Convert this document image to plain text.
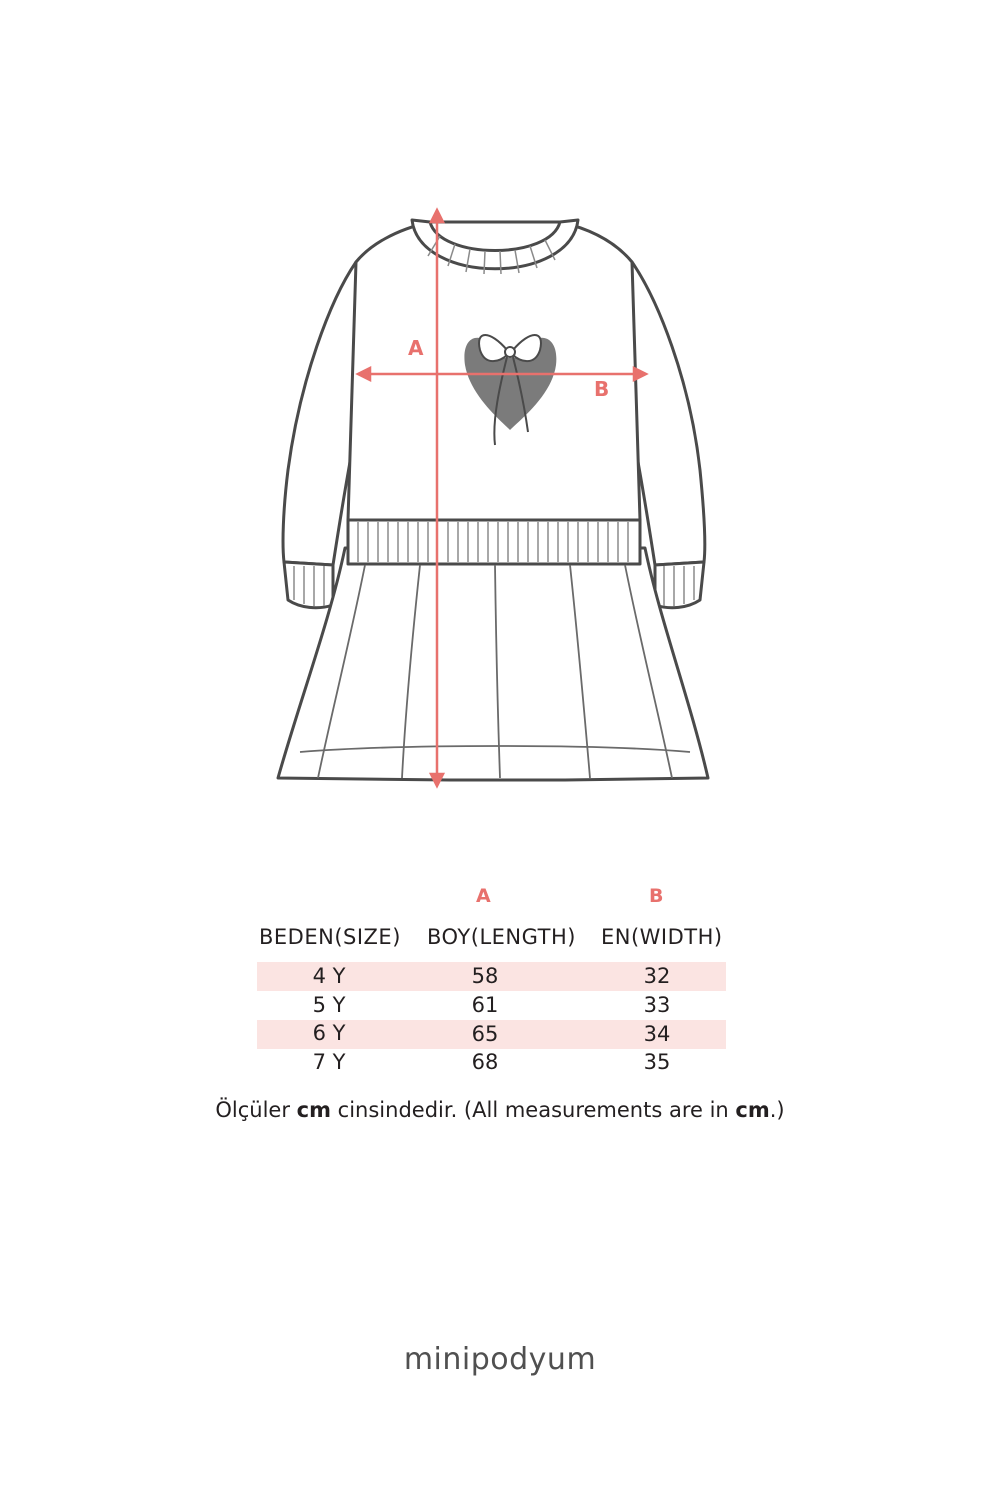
A
B
A	B
BEDEN(SIZE) BOY(LENGTH) EN(WIDTH)
4 Y	58	32
5 Y	61	33
6 Y	65	34
7 Y	68	35
Ölçüler cm cinsindedir. (All measurements are in cm.)
minipodyum
